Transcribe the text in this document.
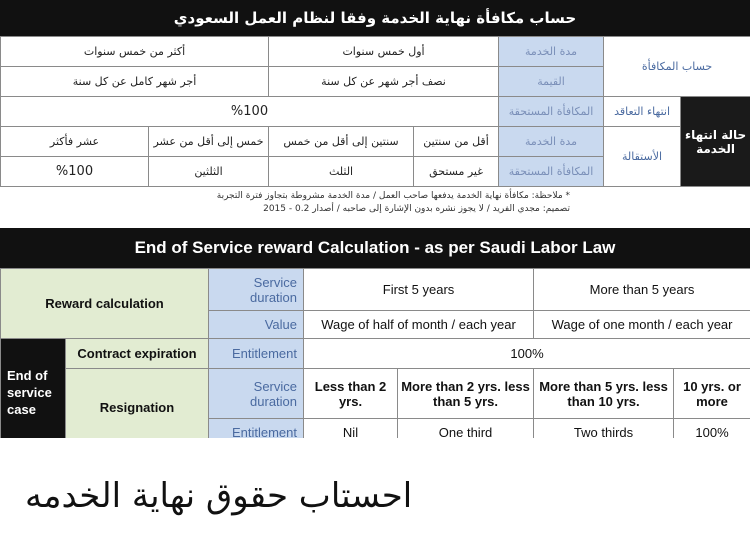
حساب مكافأة نهاية الخدمة وفقا لنظام العمل السعودي
حساب المكافأة		مدة الخدمة	أول خمس سنوات		أكثر من خمس سنوات	
		القيمة	نصف أجر شهر عن كل سنة		أجر شهر كامل عن كل سنة	
حالة انتهاء الخدمة	انتهاء التعاقد	المكافأة المستحقة	%100			
	الأستقالة	مدة الخدمة	أقل من سنتين	سنتين إلى أقل من خمس	خمس إلى أقل من عشر	عشر فأكثر
		المكافأة المستحقة	غير مستحق	الثلث	الثلثين	%100
* ملاحظة: مكافأة نهاية الخدمة يدفعها صاحب العمل / مدة الخدمة مشروطة بتجاوز فترة التجربة
تصميم: مجدي الفريد / لا يجوز نشره بدون الإشارة إلى صاحبه / أصدار 0.2 - 2015
End of Service reward Calculation - as per Saudi Labor Law
Reward calculation		Service duration	First 5 years		More than 5 years	
		Value	Wage of half of month / each year		Wage of one month / each year	
End of service case	Contract expiration	Entitlement	100%			
	Resignation	Service duration	Less than 2 yrs.	More than 2 yrs. less than 5 yrs.	More than 5 yrs. less than 10 yrs.	10 yrs. or more
		Entitlement	Nil	One third	Two thirds	100%
احستاب حقوق نهاية الخدمه
